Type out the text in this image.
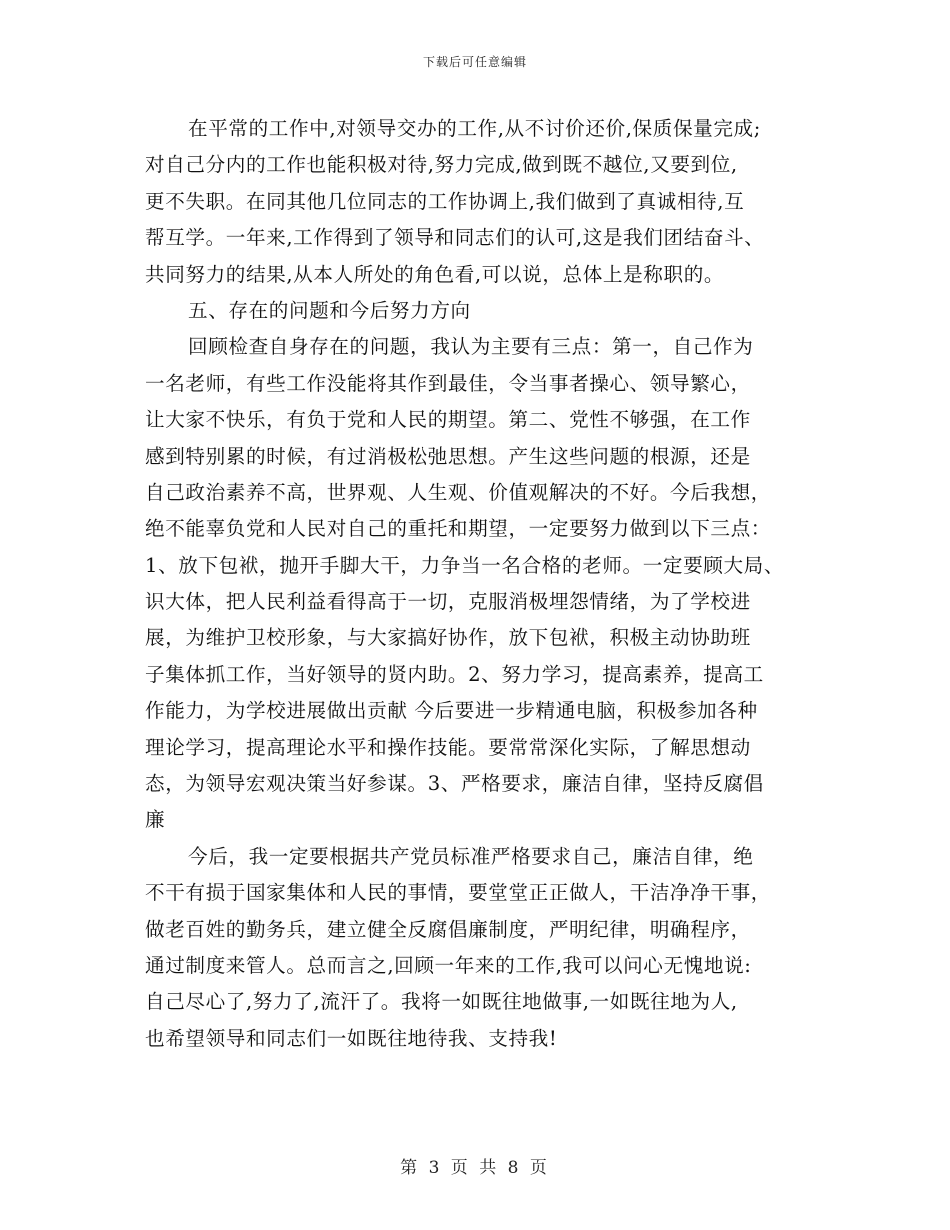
下载后可任意编辑
在平常的工作中,对领导交办的工作,从不讨价还价,保质保量完成;
对自己分内的工作也能积极对待,努力完成,做到既不越位,又要到位,
更不失职。在同其他几位同志的工作协调上,我们做到了真诚相待,互
帮互学。一年来,工作得到了领导和同志们的认可,这是我们团结奋斗、
共同努力的结果,从本人所处的角色看,可以说，总体上是称职的。
五、存在的问题和今后努力方向
回顾检查自身存在的问题，我认为主要有三点：第一，自己作为
一名老师，有些工作没能将其作到最佳，令当事者操心、领导繁心，
让大家不快乐，有负于党和人民的期望。第二、党性不够强，在工作
感到特别累的时候，有过消极松弛思想。产生这些问题的根源，还是
自己政治素养不高，世界观、人生观、价值观解决的不好。今后我想，
绝不能辜负党和人民对自己的重托和期望，一定要努力做到以下三点：
1、放下包袱，抛开手脚大干，力争当一名合格的老师。一定要顾大局、
识大体，把人民利益看得高于一切，克服消极埋怨情绪，为了学校进
展，为维护卫校形象，与大家搞好协作，放下包袱，积极主动协助班
子集体抓工作，当好领导的贤内助。2、努力学习，提高素养，提高工
作能力，为学校进展做出贡献 今后要进一步精通电脑，积极参加各种
理论学习，提高理论水平和操作技能。要常常深化实际，了解思想动
态，为领导宏观决策当好参谋。3、严格要求，廉洁自律，坚持反腐倡
廉
今后，我一定要根据共产党员标准严格要求自己，廉洁自律，绝
不干有损于国家集体和人民的事情，要堂堂正正做人，干洁净净干事，
做老百姓的勤务兵，建立健全反腐倡廉制度，严明纪律，明确程序，
通过制度来管人。总而言之,回顾一年来的工作,我可以问心无愧地说:
自己尽心了,努力了,流汗了。我将一如既往地做事,一如既往地为人,
也希望领导和同志们一如既往地待我、支持我!
第 3 页 共 8 页
